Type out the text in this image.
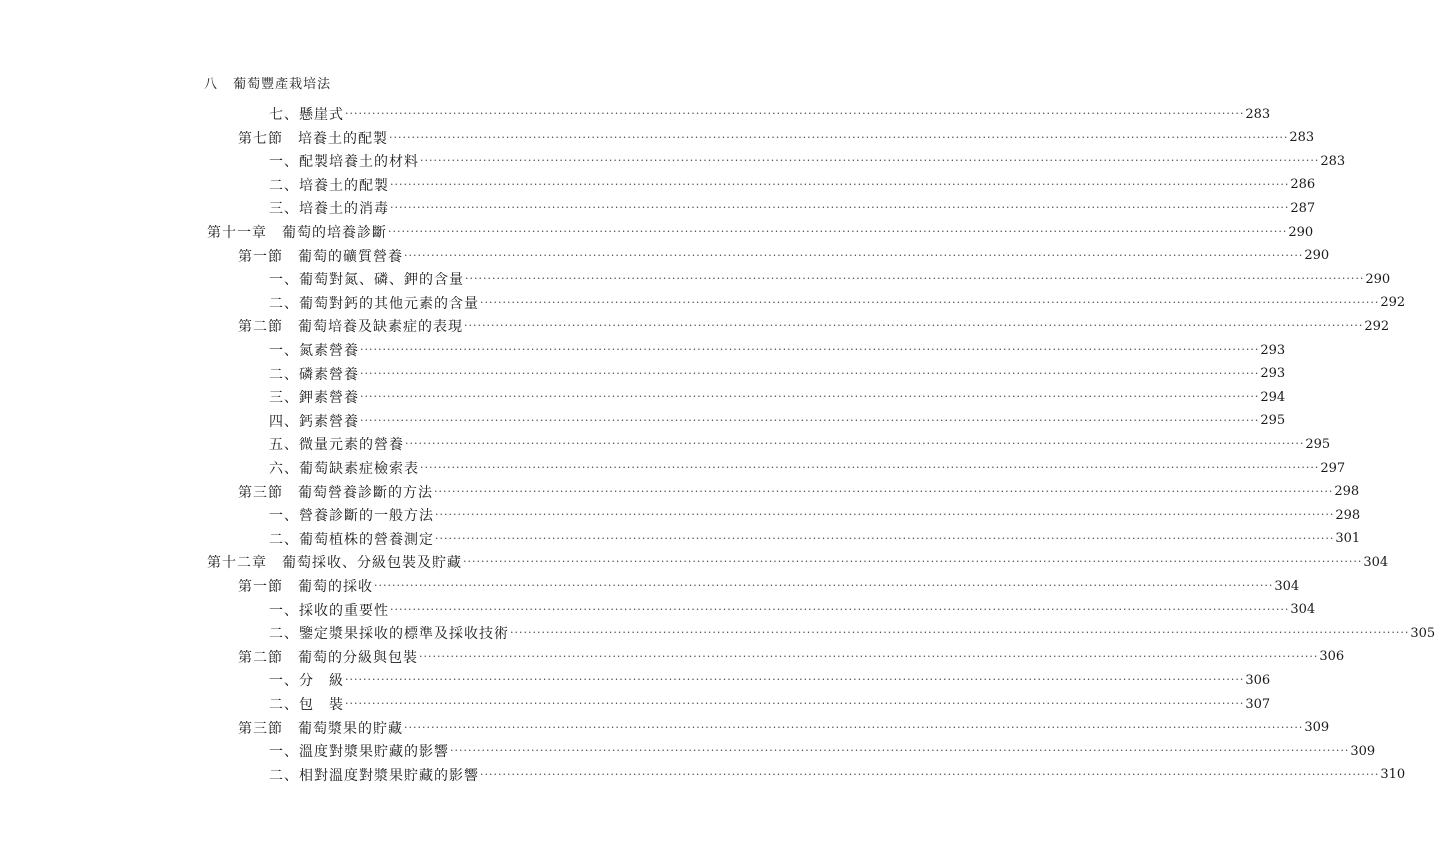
八 葡萄豐產栽培法
七、懸崖式 ········································································································································································································ 283
第七節　培養土的配製 ········································································································································································································ 283
一、配製培養土的材料 ········································································································································································································ 283
二、培養土的配製 ········································································································································································································ 286
三、培養土的消毒 ········································································································································································································ 287
第十一章　葡萄的培養診斷 ········································································································································································································ 290
第一節　葡萄的礦質營養 ········································································································································································································ 290
一、葡萄對氮、磷、鉀的含量 ········································································································································································································ 290
二、葡萄對鈣的其他元素的含量 ········································································································································································································ 292
第二節　葡萄培養及缺素症的表現 ········································································································································································································ 292
一、氮素營養 ········································································································································································································ 293
二、磷素營養 ········································································································································································································ 293
三、鉀素營養 ········································································································································································································ 294
四、鈣素營養 ········································································································································································································ 295
五、微量元素的營養 ········································································································································································································ 295
六、葡萄缺素症檢索表 ········································································································································································································ 297
第三節　葡萄營養診斷的方法 ········································································································································································································ 298
一、營養診斷的一般方法 ········································································································································································································ 298
二、葡萄植株的營養測定 ········································································································································································································ 301
第十二章　葡萄採收、分級包裝及貯藏 ········································································································································································································ 304
第一節　葡萄的採收 ········································································································································································································ 304
一、採收的重要性 ········································································································································································································ 304
二、鑒定漿果採收的標準及採收技術 ········································································································································································································ 305
第二節　葡萄的分級與包裝 ········································································································································································································ 306
一、分　級 ········································································································································································································ 306
二、包　裝 ········································································································································································································ 307
第三節　葡萄漿果的貯藏 ········································································································································································································ 309
一、溫度對漿果貯藏的影響 ········································································································································································································ 309
二、相對溫度對漿果貯藏的影響 ········································································································································································································ 310
